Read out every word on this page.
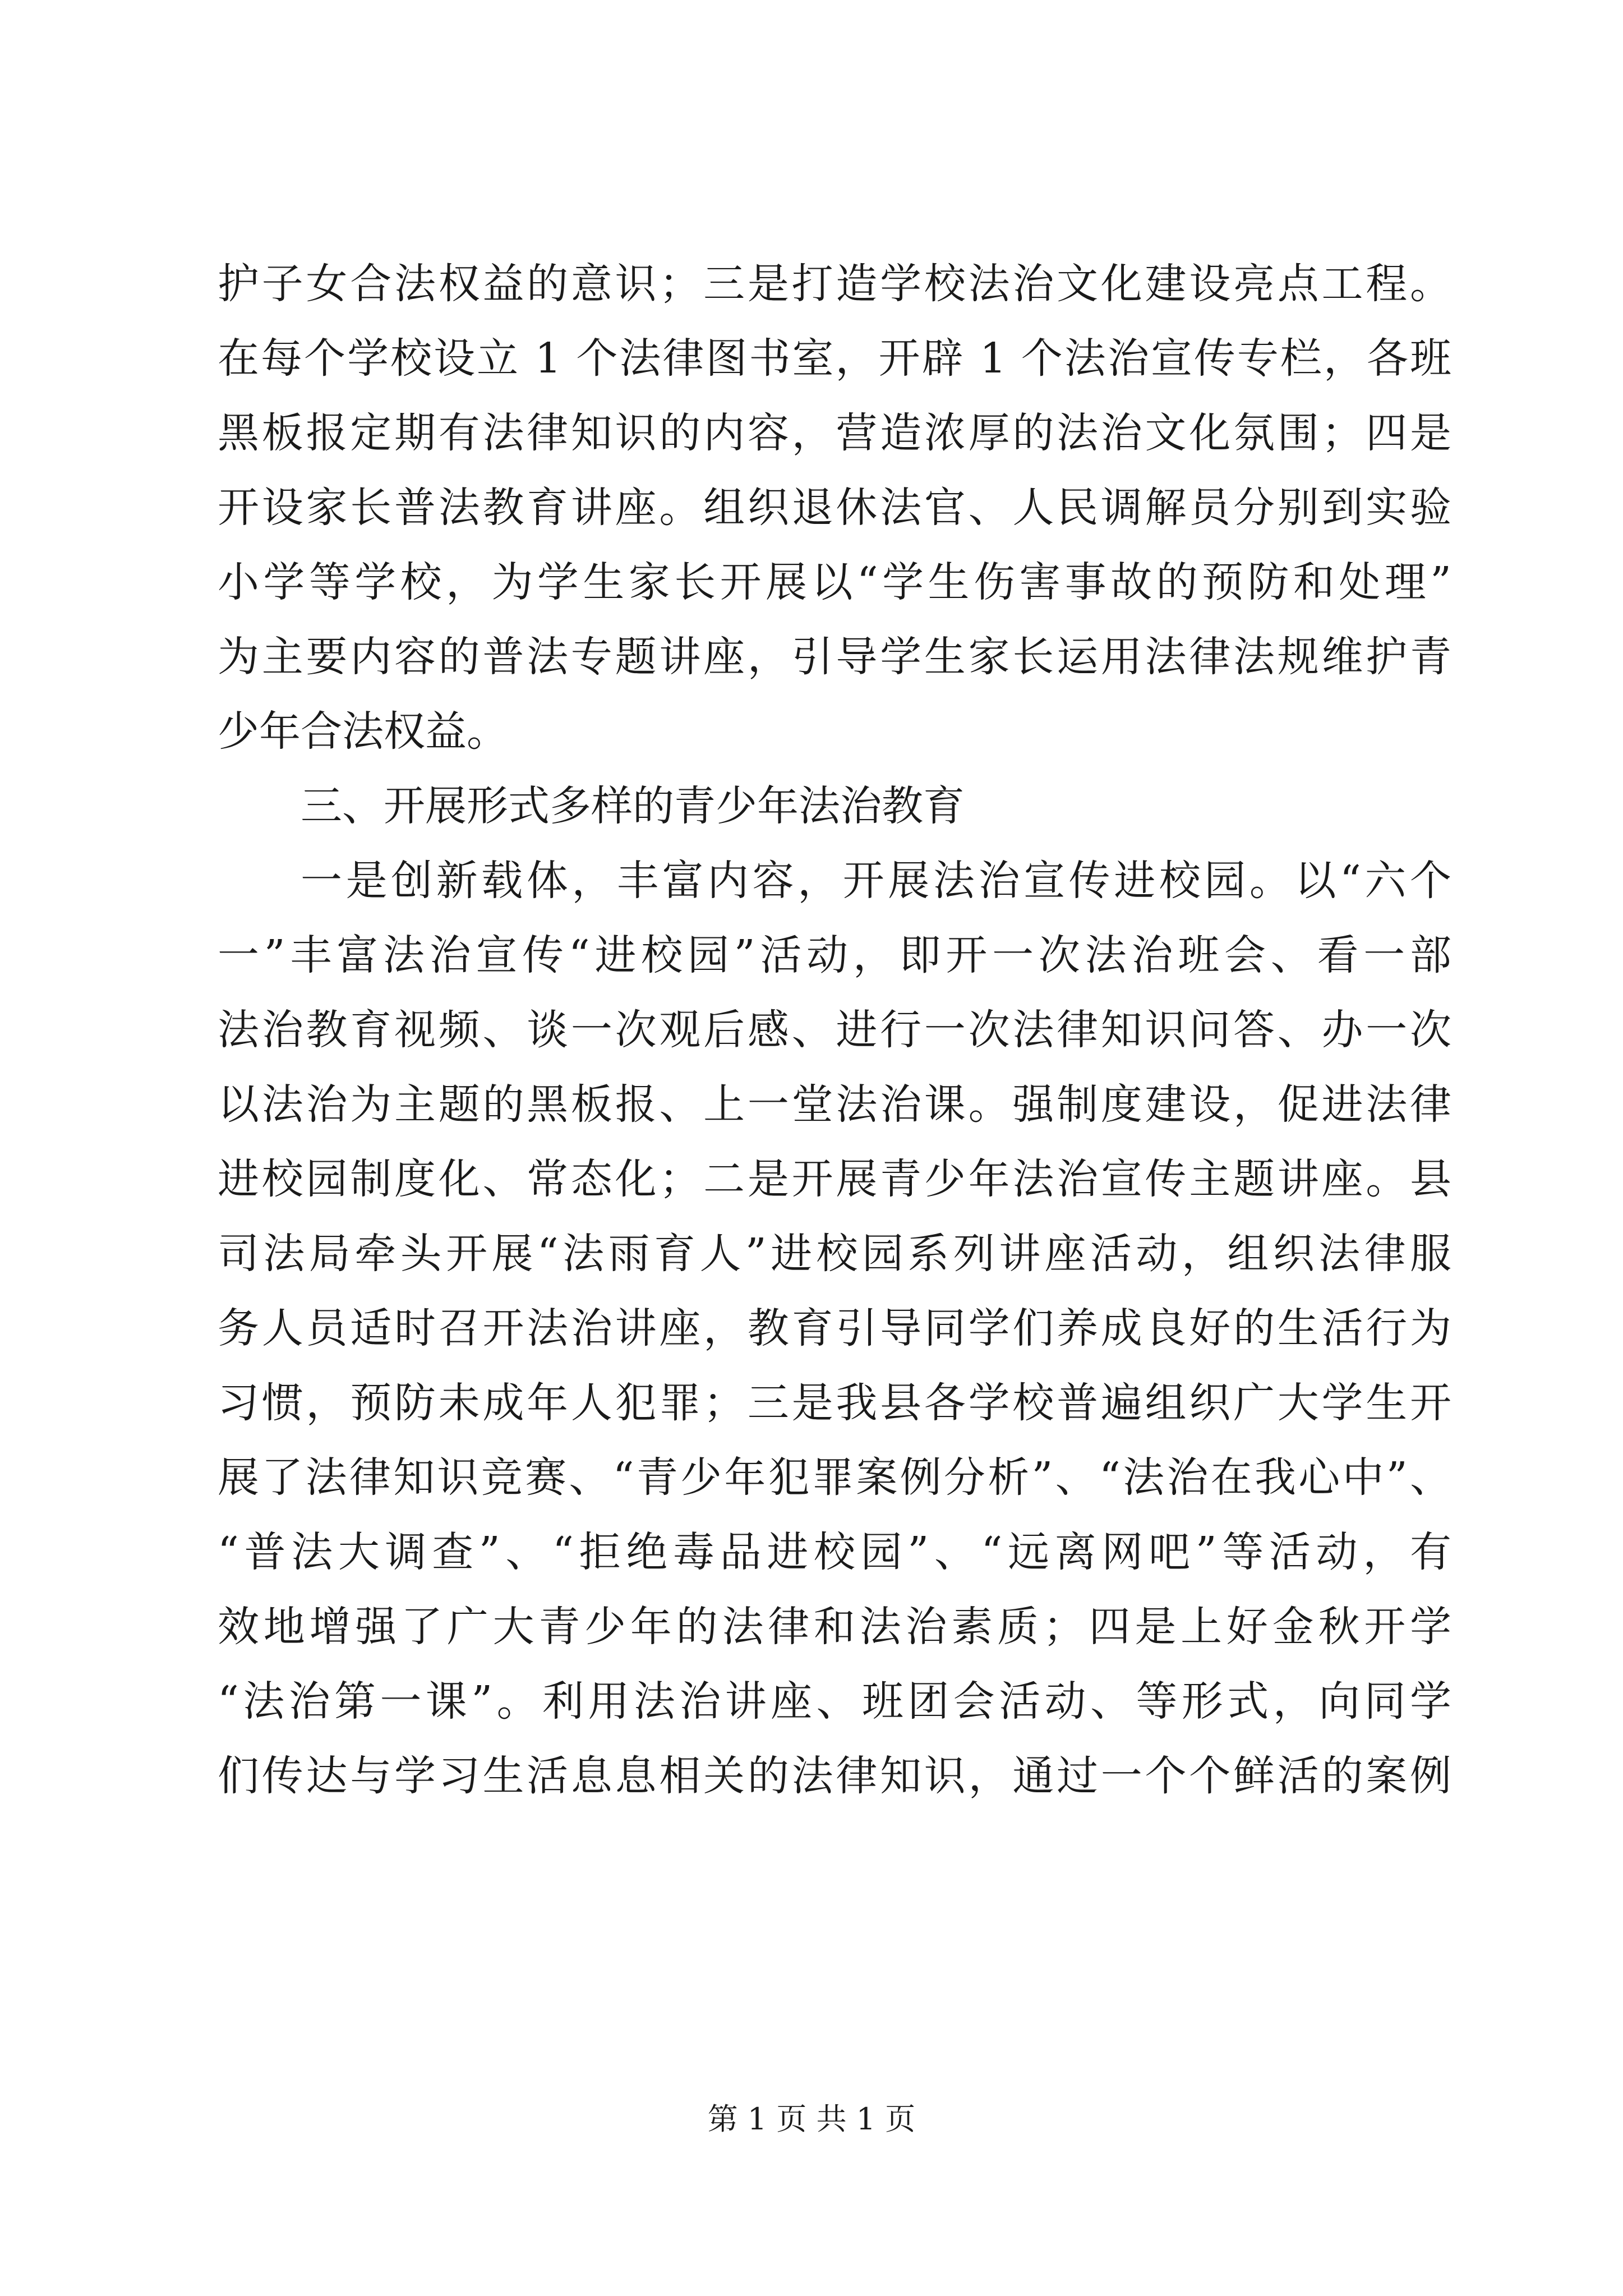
护子女合法权益的意识；三是打造学校法治文化建设亮点工程。
在每个学校设立 1 个法律图书室，开辟 1 个法治宣传专栏，各班
黑板报定期有法律知识的内容，营造浓厚的法治文化氛围；四是
开设家长普法教育讲座。组织退休法官、人民调解员分别到实验
小学等学校，为学生家长开展以“学生伤害事故的预防和处理”
为主要内容的普法专题讲座，引导学生家长运用法律法规维护青
少年合法权益。
三、开展形式多样的青少年法治教育
一是创新载体，丰富内容，开展法治宣传进校园。以“六个
一”丰富法治宣传“进校园”活动，即开一次法治班会、看一部
法治教育视频、谈一次观后感、进行一次法律知识问答、办一次
以法治为主题的黑板报、上一堂法治课。强制度建设，促进法律
进校园制度化、常态化；二是开展青少年法治宣传主题讲座。县
司法局牵头开展“法雨育人”进校园系列讲座活动，组织法律服
务人员适时召开法治讲座，教育引导同学们养成良好的生活行为
习惯，预防未成年人犯罪；三是我县各学校普遍组织广大学生开
展了法律知识竞赛、“青少年犯罪案例分析”、“法治在我心中”、
“普法大调查”、“拒绝毒品进校园”、“远离网吧”等活动，有
效地增强了广大青少年的法律和法治素质；四是上好金秋开学
“法治第一课”。利用法治讲座、班团会活动、等形式，向同学
们传达与学习生活息息相关的法律知识，通过一个个鲜活的案例
第 1 页 共 1 页
